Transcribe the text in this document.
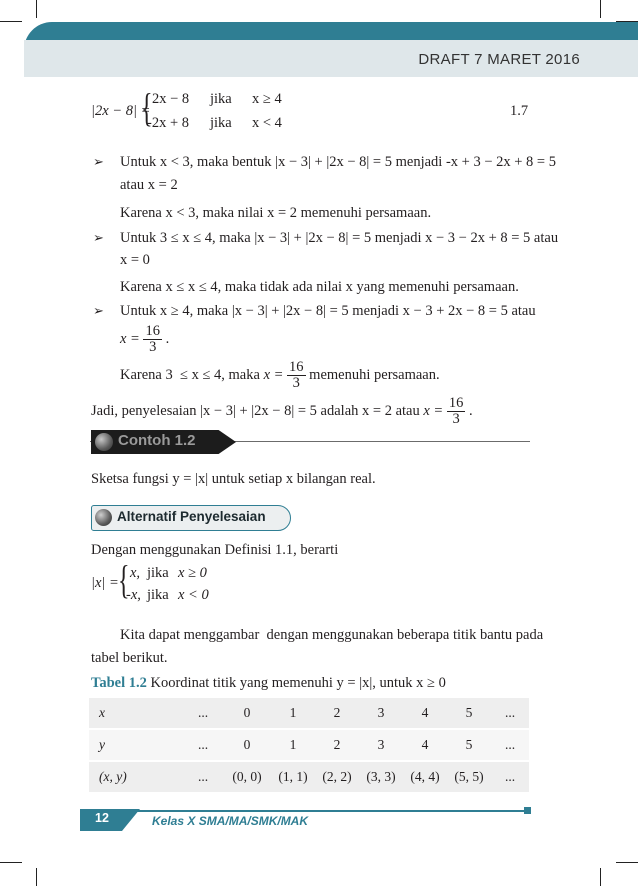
DRAFT 7 MARET 2016
|2x − 8| =
{ 2x − 8 jika x ≥ 4
-2x + 8 jika x < 4
1.7
➢ Untuk x < 3, maka bentuk |x − 3| + |2x − 8| = 5 menjadi -x + 3 − 2x + 8 = 5
atau x = 2
Karena x < 3, maka nilai x = 2 memenuhi persamaan.
➢ Untuk 3 ≤ x ≤ 4, maka |x − 3| + |2x − 8| = 5 menjadi x − 3 − 2x + 8 = 5 atau
x = 0
Karena x ≤ x ≤ 4, maka tidak ada nilai x yang memenuhi persamaan.
➢ Untuk x ≥ 4, maka |x − 3| + |2x − 8| = 5 menjadi x − 3 + 2x − 8 = 5 atau
$x = \frac{16}{3}$ .
Karena 3  ≤ x ≤ 4, maka $x = \frac{16}{3}$ memenuhi persamaan.
Jadi, penyelesaian |x − 3| + |2x − 8| = 5 adalah x = 2 atau $x = \frac{16}{3}$ .
Contoh 1.2
Sketsa fungsi y = |x| untuk setiap x bilangan real.
Alternatif Penyelesaian
Dengan menggunakan Definisi 1.1, berarti
|x| = { x, jika x ≥ 0
-x, jika x < 0
Kita dapat menggambar  dengan menggunakan beberapa titik bantu pada
tabel berikut.
Tabel 1.2 Koordinat titik yang memenuhi y = |x|, untuk x ≥ 0
x	...	0	1	2	3	4	5	...
y	...	0	1	2	3	4	5	...
(x, y)	...	(0, 0)	(1, 1)	(2, 2)	(3, 3)	(4, 4)	(5, 5)	...
12	Kelas X SMA/MA/SMK/MAK
